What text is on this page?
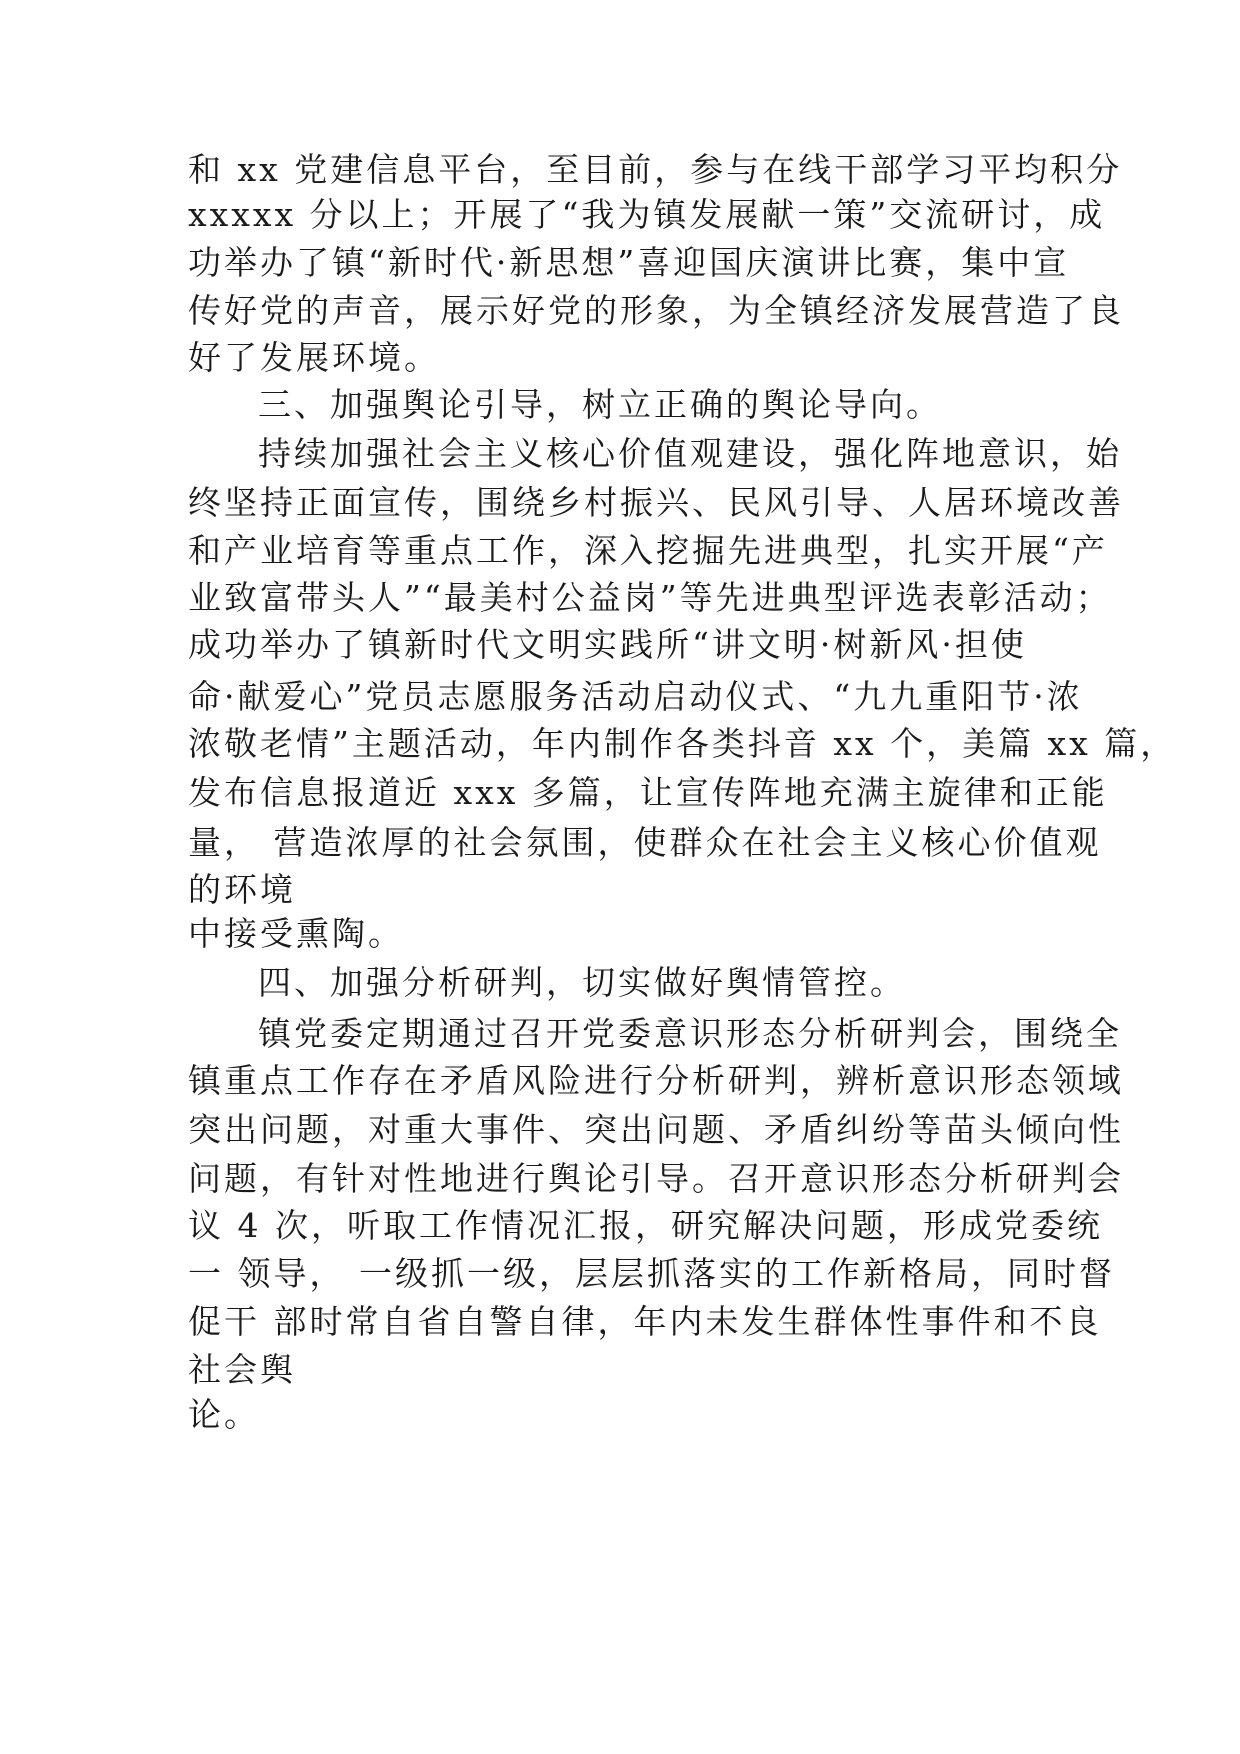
和 xx 党建信息平台，至目前，参与在线干部学习平均积分
xxxxx 分以上；开展了“我为镇发展献一策”交流研讨，成
功举办了镇“新时代·新思想”喜迎国庆演讲比赛，集中宣
传好党的声音，展示好党的形象，为全镇经济发展营造了良
好了发展环境。
三、加强舆论引导，树立正确的舆论导向。
持续加强社会主义核心价值观建设，强化阵地意识，始
终坚持正面宣传，围绕乡村振兴、民风引导、人居环境改善
和产业培育等重点工作，深入挖掘先进典型，扎实开展“产
业致富带头人”“最美村公益岗”等先进典型评选表彰活动；
成功举办了镇新时代文明实践所“讲文明·树新风·担使
命·献爱心”党员志愿服务活动启动仪式、“九九重阳节·浓
浓敬老情”主题活动，年内制作各类抖音 xx 个，美篇 xx 篇，
发布信息报道近 xxx 多篇，让宣传阵地充满主旋律和正能
量， 营造浓厚的社会氛围，使群众在社会主义核心价值观
的环境
中接受熏陶。
四、加强分析研判，切实做好舆情管控。
镇党委定期通过召开党委意识形态分析研判会，围绕全
镇重点工作存在矛盾风险进行分析研判，辨析意识形态领域
突出问题，对重大事件、突出问题、矛盾纠纷等苗头倾向性
问题，有针对性地进行舆论引导。召开意识形态分析研判会
议 4 次，听取工作情况汇报，研究解决问题，形成党委统
一 领导， 一级抓一级，层层抓落实的工作新格局，同时督
促干 部时常自省自警自律，年内未发生群体性事件和不良
社会舆
论。
